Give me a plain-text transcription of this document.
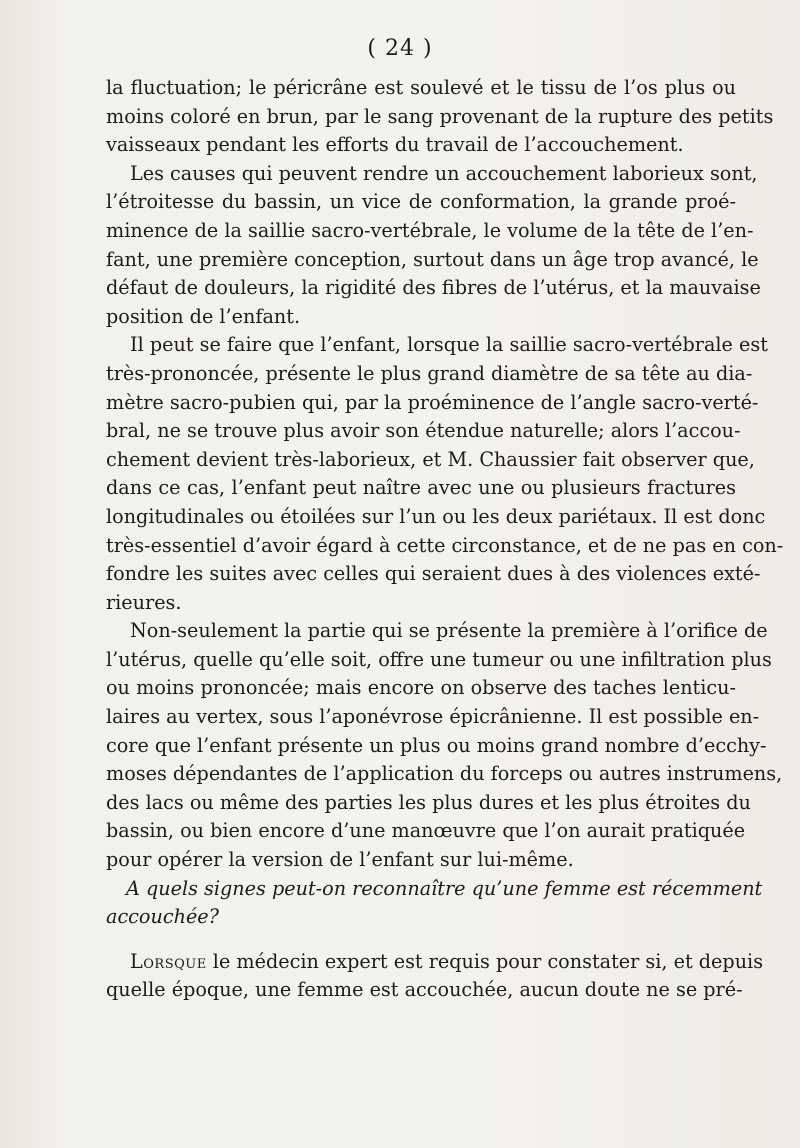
( 24 )

la fluctuation; le péricrâne est soulevé et le tissu de l’os plus ou
moins coloré en brun, par le sang provenant de la rupture des petits
vaisseaux pendant les efforts du travail de l’accouchement.

Les causes qui peuvent rendre un accouchement laborieux sont,
l’étroitesse du bassin, un vice de conformation, la grande proé-
minence de la saillie sacro-vertébrale, le volume de la tête de l’en-
fant, une première conception, surtout dans un âge trop avancé, le
défaut de douleurs, la rigidité des fibres de l’utérus, et la mauvaise
position de l’enfant.

Il peut se faire que l’enfant, lorsque la saillie sacro-vertébrale est
très-prononcée, présente le plus grand diamètre de sa tête au dia-
mètre sacro-pubien qui, par la proéminence de l’angle sacro-verté-
bral, ne se trouve plus avoir son étendue naturelle; alors l’accou-
chement devient très-laborieux, et M. Chaussier fait observer que,
dans ce cas, l’enfant peut naître avec une ou plusieurs fractures
longitudinales ou étoilées sur l’un ou les deux pariétaux. Il est donc
très-essentiel d’avoir égard à cette circonstance, et de ne pas en con-
fondre les suites avec celles qui seraient dues à des violences exté-
rieures.

Non-seulement la partie qui se présente la première à l’orifice de
l’utérus, quelle qu’elle soit, offre une tumeur ou une infiltration plus
ou moins prononcée; mais encore on observe des taches lenticu-
laires au vertex, sous l’aponévrose épicrânienne. Il est possible en-
core que l’enfant présente un plus ou moins grand nombre d’ecchy-
moses dépendantes de l’application du forceps ou autres instrumens,
des lacs ou même des parties les plus dures et les plus étroites du
bassin, ou bien encore d’une manœuvre que l’on aurait pratiquée
pour opérer la version de l’enfant sur lui-même.

A quels signes peut-on reconnaître qu’une femme est récemment
accouchée?

Lorsque le médecin expert est requis pour constater si, et depuis
quelle époque, une femme est accouchée, aucun doute ne se pré-
